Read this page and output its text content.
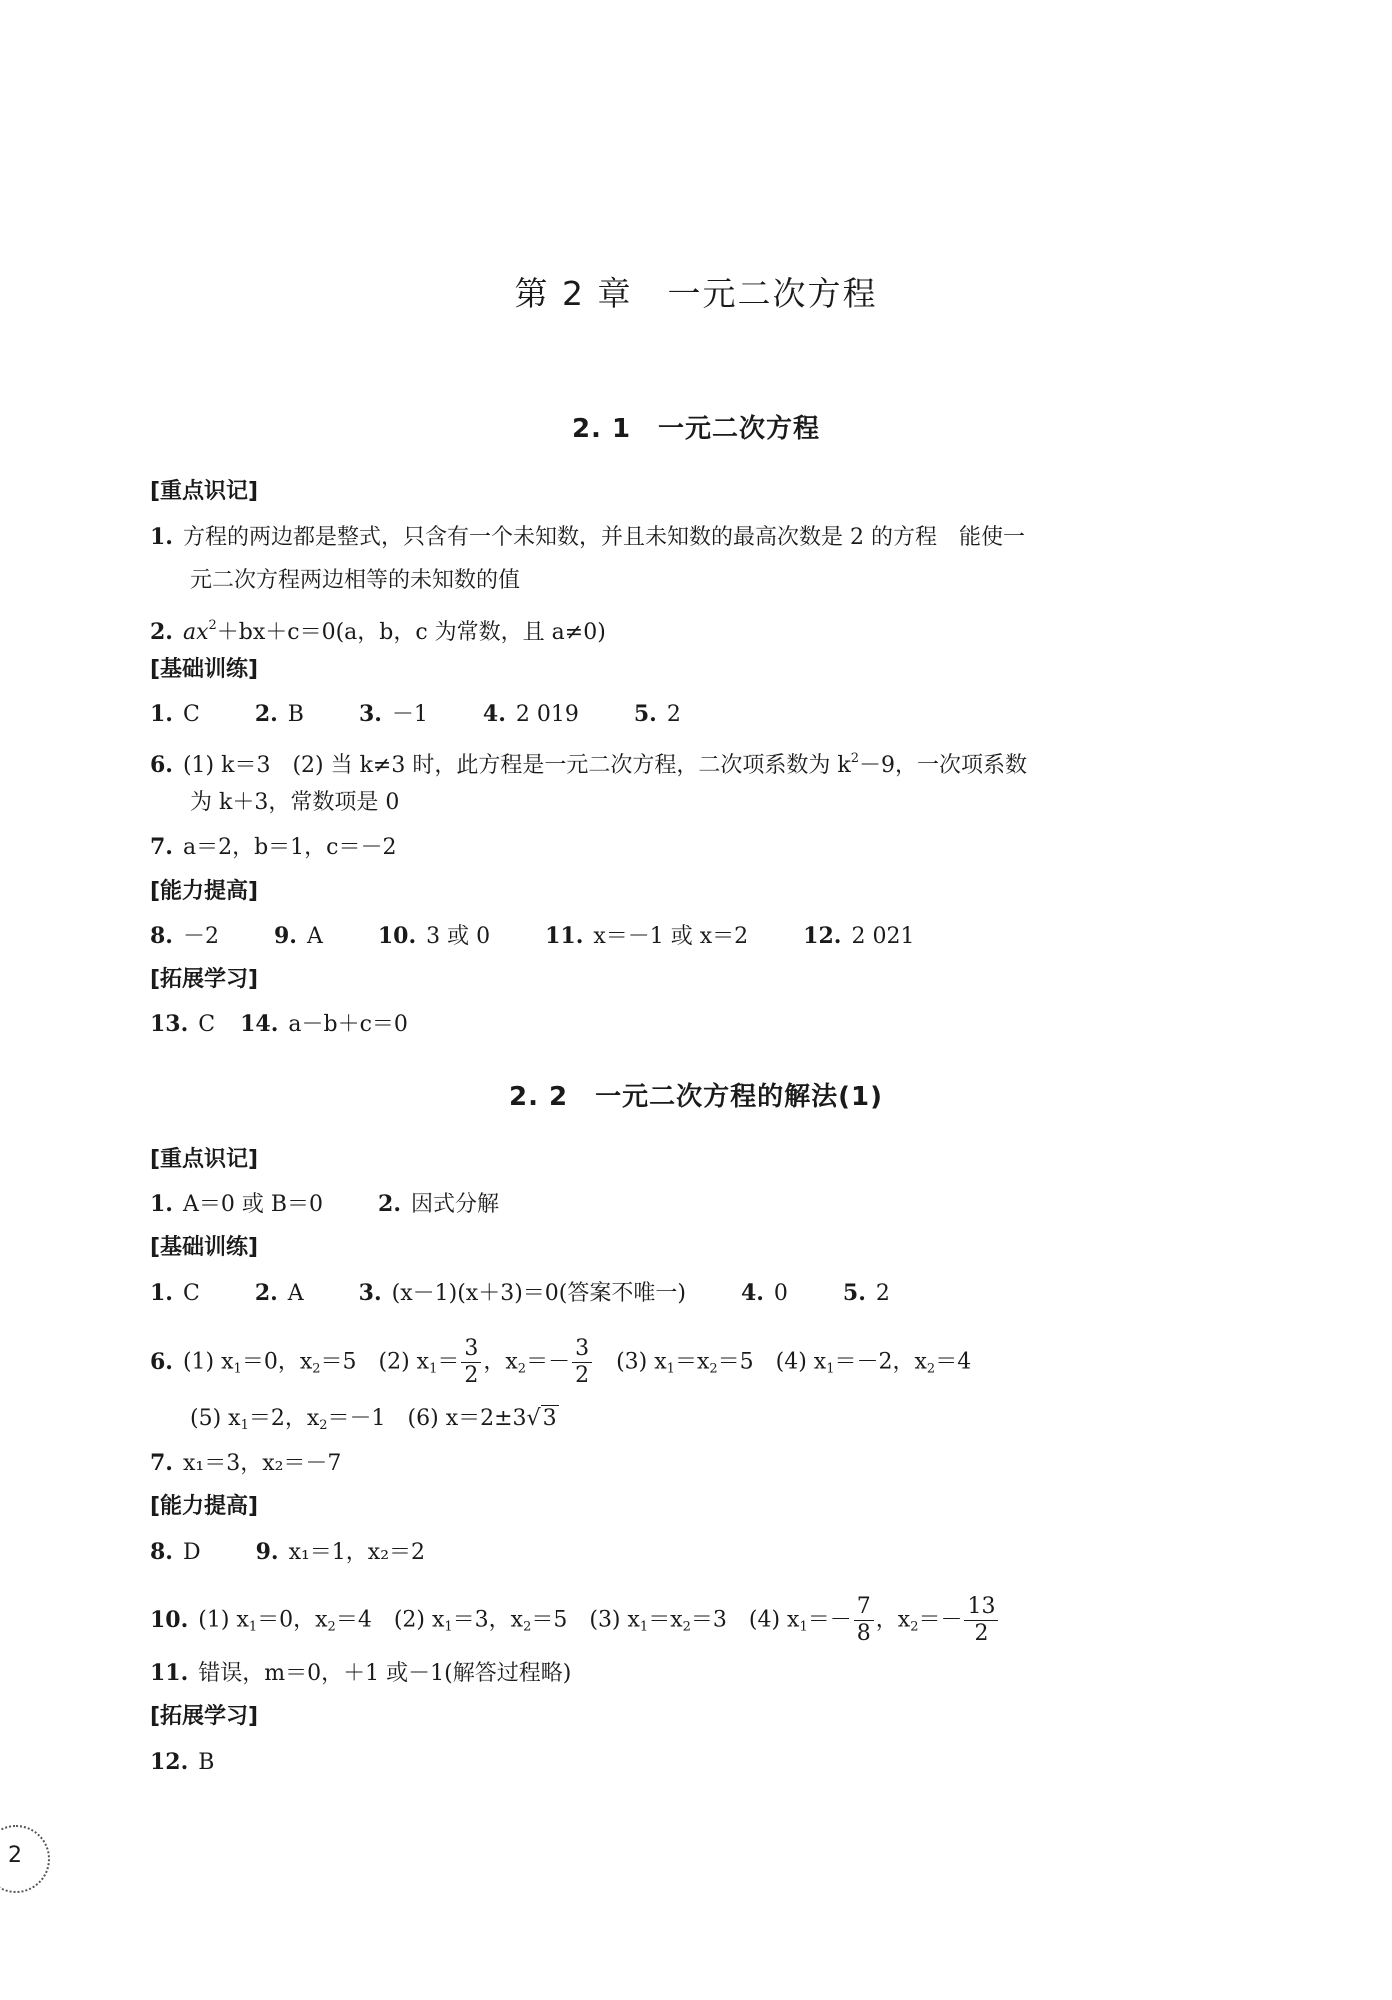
第 2 章　一元二次方程
2. 1　一元二次方程
[重点识记]
1. 方程的两边都是整式，只含有一个未知数，并且未知数的最高次数是 2 的方程　能使一
元二次方程两边相等的未知数的值
2. $ax^2+bx+c=0(a$，b，c 为常数，且 a≠0)
[基础训练]
1. C	2. B	3. －1	4. 2 019	5. 2
6. (1) k＝3　(2) 当 k≠3 时，此方程是一元二次方程，二次项系数为 $k^2-9$，一次项系数
为 k＋3，常数项是 0
7. a＝2，b＝1，c＝－2
[能力提高]
8. －2	9. A	10. 3 或 0	11. x＝－1 或 x＝2	12. 2 021
[拓展学习]
13. C 14. a－b＋c＝0
2. 2　一元二次方程的解法(1)
[重点识记]
1. A＝0 或 B＝0	2. 因式分解
[基础训练]
1. C	2. A	3. (x－1)(x＋3)＝0(答案不唯一)	4. 0	5. 2
6. (1) $x_1=0$，$x_2=5$　(2) $x_1= \frac{3}{2}$ ，$x_2=- \frac{3}{2}$ 　(3) $x_1=x_2=5$　(4) $x_1=-2$，$x_2=4$
(5) $x_1=2$，$x_2=-1$　(6) x＝2±3√3
7. x₁＝3，x₂＝－7
[能力提高]
8. D	9. x₁＝1，x₂＝2
10. (1) $x_1=0$，$x_2=4$　(2) $x_1=3$，$x_2=5$　(3) $x_1=x_2=3$　(4) $x_1=- \frac{7}{8}$ ，$x_2=- \frac{13}{2}$
11. 错误，m＝0，＋1 或－1(解答过程略)
[拓展学习]
12. B
2
